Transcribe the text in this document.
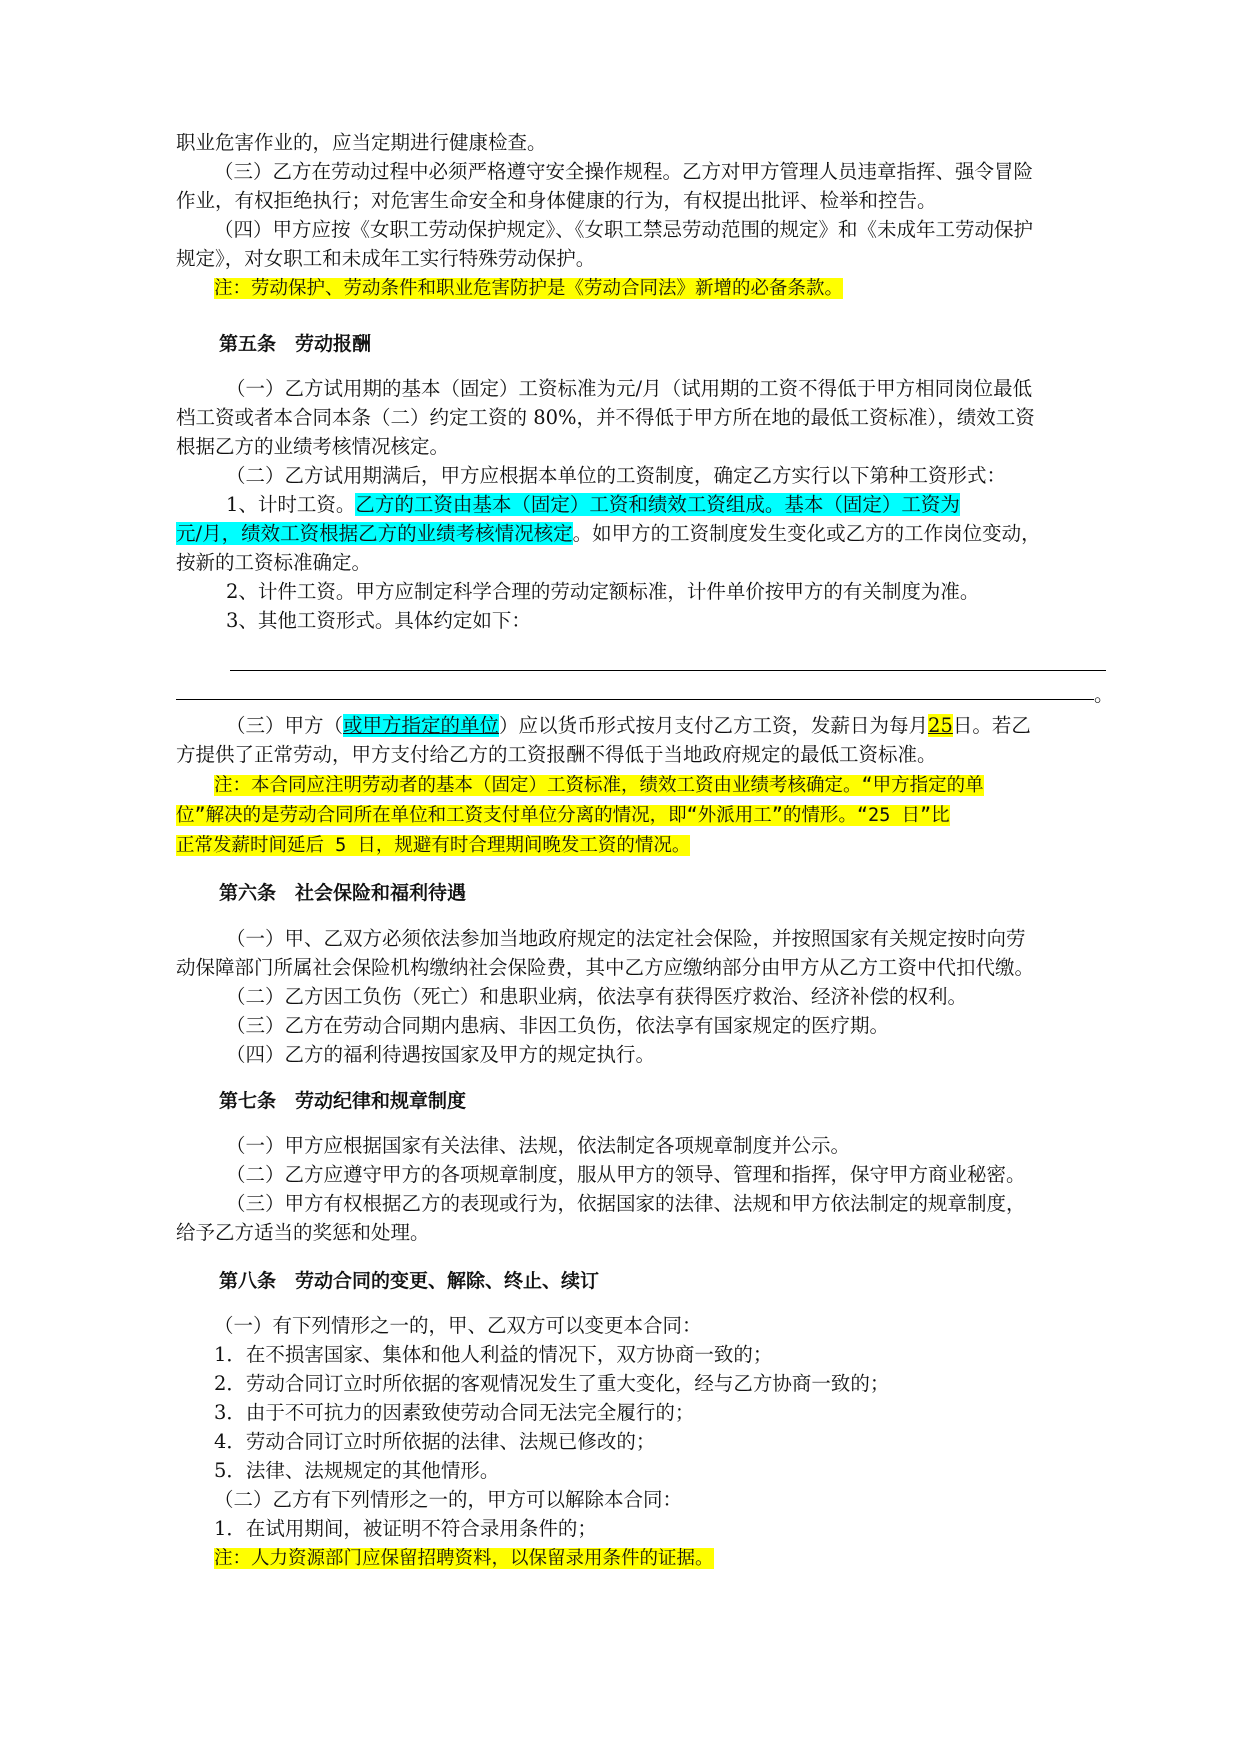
职业危害作业的，应当定期进行健康检查。
（三）乙方在劳动过程中必须严格遵守安全操作规程。乙方对甲方管理人员违章指挥、强令冒险
作业，有权拒绝执行；对危害生命安全和身体健康的行为，有权提出批评、检举和控告。
（四）甲方应按《女职工劳动保护规定》、《女职工禁忌劳动范围的规定》和《未成年工劳动保护
规定》，对女职工和未成年工实行特殊劳动保护。
注：劳动保护、劳动条件和职业危害防护是《劳动合同法》新增的必备条款。
第五条　劳动报酬
（一）乙方试用期的基本（固定）工资标准为元/月（试用期的工资不得低于甲方相同岗位最低
档工资或者本合同本条（二）约定工资的 80%，并不得低于甲方所在地的最低工资标准），绩效工资
根据乙方的业绩考核情况核定。
（二）乙方试用期满后，甲方应根据本单位的工资制度，确定乙方实行以下第种工资形式：
1、计时工资。乙方的工资由基本（固定）工资和绩效工资组成。基本（固定）工资为
元/月，绩效工资根据乙方的业绩考核情况核定。如甲方的工资制度发生变化或乙方的工作岗位变动，
按新的工资标准确定。
2、计件工资。甲方应制定科学合理的劳动定额标准，计件单价按甲方的有关制度为准。
3、其他工资形式。具体约定如下：
。
（三）甲方（或甲方指定的单位）应以货币形式按月支付乙方工资，发薪日为每月25日。若乙
方提供了正常劳动，甲方支付给乙方的工资报酬不得低于当地政府规定的最低工资标准。
注：本合同应注明劳动者的基本（固定）工资标准，绩效工资由业绩考核确定。“甲方指定的单
位”解决的是劳动合同所在单位和工资支付单位分离的情况，即“外派用工”的情形。“25 日”比
正常发薪时间延后 5 日，规避有时合理期间晚发工资的情况。
第六条　社会保险和福利待遇
（一）甲、乙双方必须依法参加当地政府规定的法定社会保险，并按照国家有关规定按时向劳
动保障部门所属社会保险机构缴纳社会保险费，其中乙方应缴纳部分由甲方从乙方工资中代扣代缴。
（二）乙方因工负伤（死亡）和患职业病，依法享有获得医疗救治、经济补偿的权利。
（三）乙方在劳动合同期内患病、非因工负伤，依法享有国家规定的医疗期。
（四）乙方的福利待遇按国家及甲方的规定执行。
第七条　劳动纪律和规章制度
（一）甲方应根据国家有关法律、法规，依法制定各项规章制度并公示。
（二）乙方应遵守甲方的各项规章制度，服从甲方的领导、管理和指挥，保守甲方商业秘密。
（三）甲方有权根据乙方的表现或行为，依据国家的法律、法规和甲方依法制定的规章制度，
给予乙方适当的奖惩和处理。
第八条　劳动合同的变更、解除、终止、续订
（一）有下列情形之一的，甲、乙双方可以变更本合同：
1．在不损害国家、集体和他人利益的情况下，双方协商一致的；
2．劳动合同订立时所依据的客观情况发生了重大变化，经与乙方协商一致的；
3．由于不可抗力的因素致使劳动合同无法完全履行的；
4．劳动合同订立时所依据的法律、法规已修改的；
5．法律、法规规定的其他情形。
（二）乙方有下列情形之一的，甲方可以解除本合同：
1．在试用期间，被证明不符合录用条件的；
注：人力资源部门应保留招聘资料，以保留录用条件的证据。
